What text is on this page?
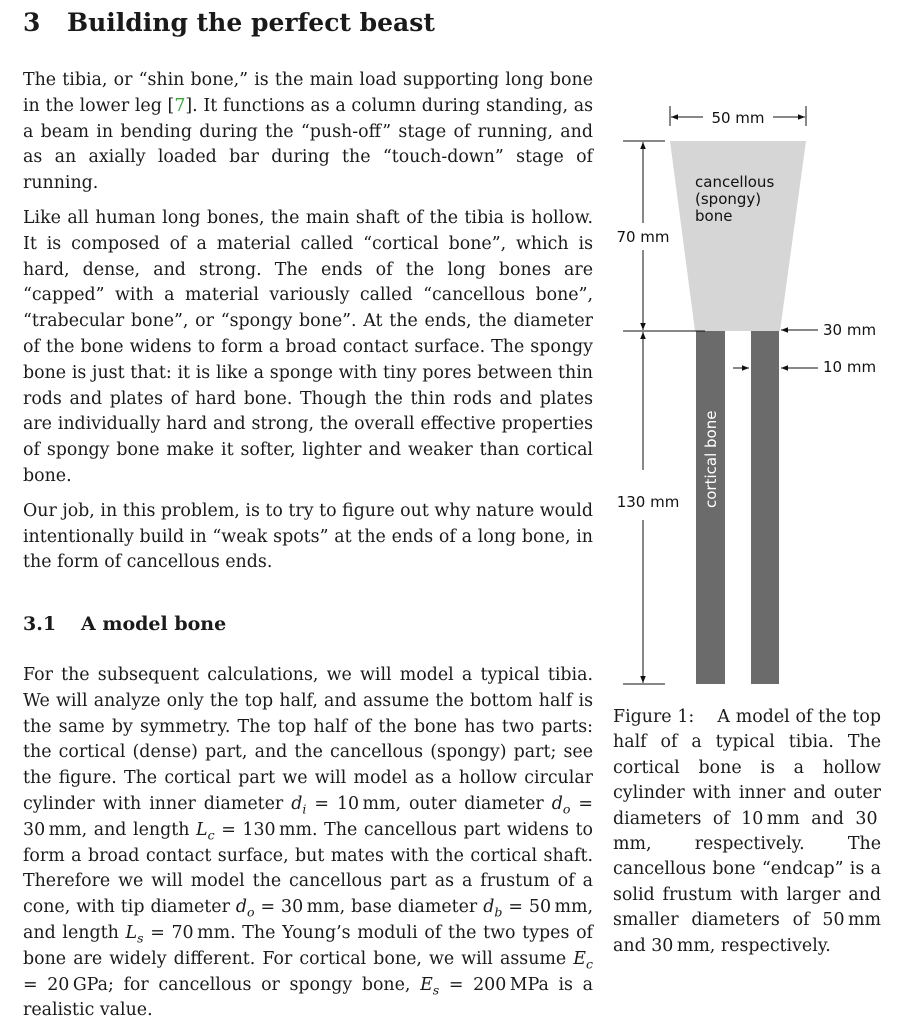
3 Building the perfect beast

The tibia, or “shin bone,” is the main load supporting long bone in the lower leg [7]. It functions as a column during standing, as a beam in bending during the “push-off” stage of running, and as an axially loaded bar during the “touch-down” stage of running.

Like all human long bones, the main shaft of the tibia is hollow. It is composed of a material called “cortical bone”, which is hard, dense, and strong. The ends of the long bones are “capped” with a material variously called “cancellous bone”, “trabecular bone”, or “spongy bone”. At the ends, the diameter of the bone widens to form a broad contact surface. The spongy bone is just that: it is like a sponge with tiny pores between thin rods and plates of hard bone. Though the thin rods and plates are individually hard and strong, the overall effective properties of spongy bone make it softer, lighter and weaker than cortical bone.

Our job, in this problem, is to try to figure out why nature would intentionally build in “weak spots” at the ends of a long bone, in the form of cancellous ends.

3.1 A model bone

For the subsequent calculations, we will model a typical tibia. We will analyze only the top half, and assume the bottom half is the same by symmetry. The top half of the bone has two parts: the cortical (dense) part, and the cancellous (spongy) part; see the figure. The cortical part we will model as a hollow circular cylinder with inner diameter $d_i = 10$ mm, outer diameter $d_o = 30$ mm, and length $L_c = 130$ mm. The cancellous part widens to form a broad contact surface, but mates with the cortical shaft. Therefore we will model the cancellous part as a frustum of a cone, with tip diameter $d_o = 30$ mm, base diameter $d_b = 50$ mm, and length $L_s = 70$ mm. The Young’s moduli of the two types of bone are widely different. For cortical bone, we will assume $E_c = 20$ GPa; for cancellous or spongy bone, $E_s = 200$ MPa is a realistic value.

50 mm
70 mm
130 mm
30 mm
10 mm
cancellous
(spongy)
bone
cortical bone
Figure 1:  A model of the top half of a typical tibia. The cortical bone is a hollow cylinder with inner and outer diameters of 10 mm and 30 mm, respectively. The cancellous bone “endcap” is a solid frustum with larger and smaller diameters of 50 mm and 30 mm, respectively.
